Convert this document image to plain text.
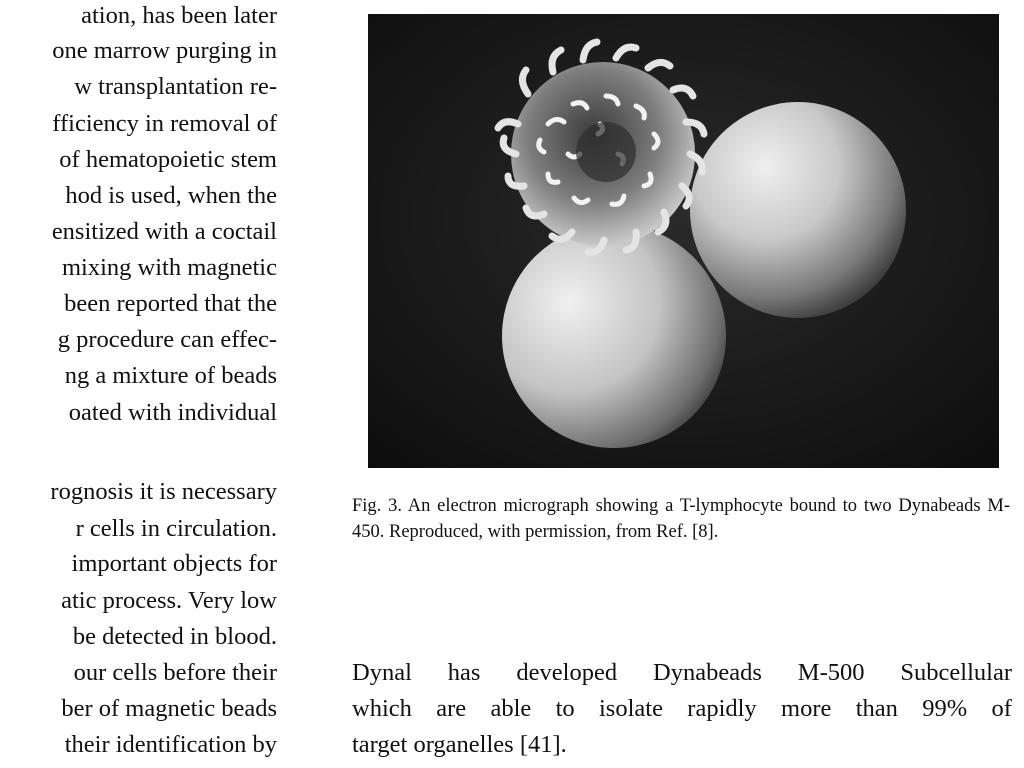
ation, has been later
one marrow purging in
w transplantation re-
fficiency in removal of
of hematopoietic stem
hod is used, when the
ensitized with a coctail
mixing with magnetic
been reported that the
g procedure can effec-
ng a mixture of beads
oated with individual
rognosis it is necessary
r cells in circulation.
important objects for
atic process. Very low
be detected in blood.
our cells before their
ber of magnetic beads
their identification by
Fig. 3. An electron micrograph showing a T-lymphocyte bound to two Dynabeads M-450. Reproduced, with permission, from Ref. [8].
Dynal has developed Dynabeads M-500 Subcellular
which are able to isolate rapidly more than 99% of
target organelles [41].
